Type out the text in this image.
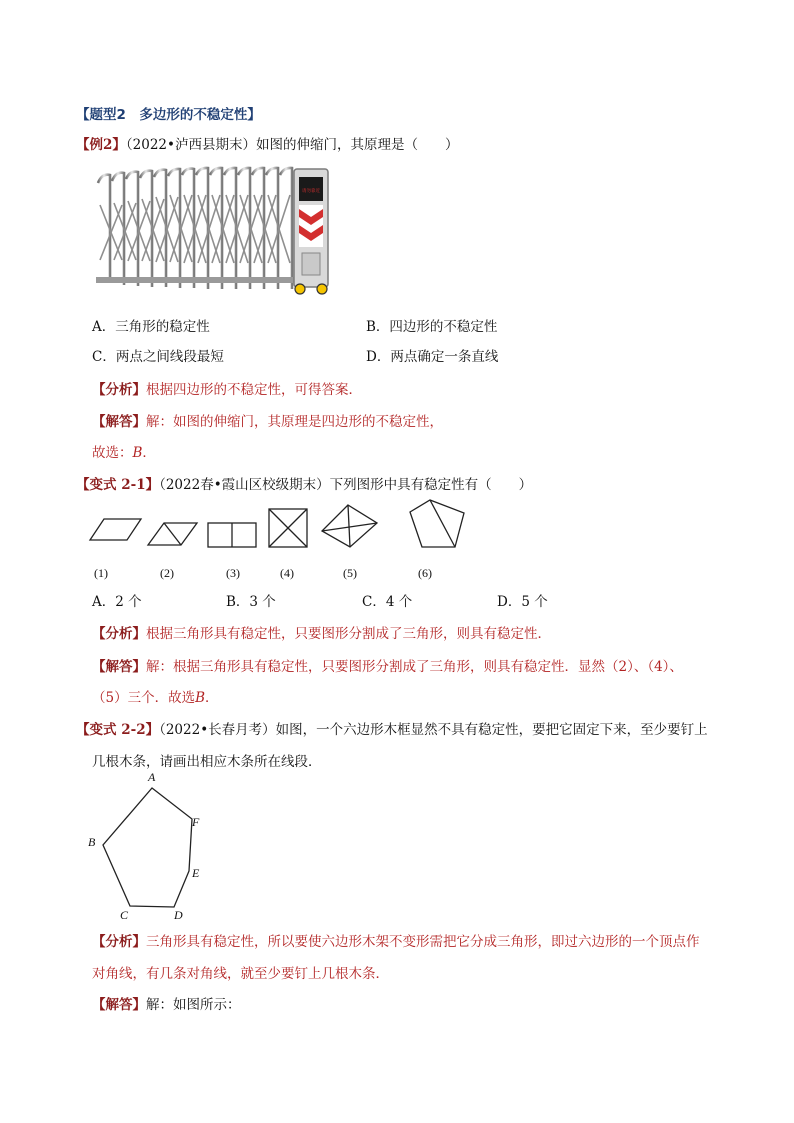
【题型2　多边形的不稳定性】
【例2】（2022•泸西县期末）如图的伸缩门，其原理是（　　）
请勿靠近
A．三角形的稳定性	B．四边形的不稳定性
C．两点之间线段最短	D．两点确定一条直线
【分析】根据四边形的不稳定性，可得答案．
【解答】解：如图的伸缩门，其原理是四边形的不稳定性，
故选：B．
【变式 2-1】（2022春•霞山区校级期末）下列图形中具有稳定性有（　　）
(1)	(2)	(3)	(4)	(5)	(6)
A．2 个	B．3 个	C．4 个	D．5 个
【分析】根据三角形具有稳定性，只要图形分割成了三角形，则具有稳定性．
【解答】解：根据三角形具有稳定性，只要图形分割成了三角形，则具有稳定性．显然（2）、（4）、
（5）三个．故选B．
【变式 2-2】（2022•长春月考）如图，一个六边形木框显然不具有稳定性，要把它固定下来，至少要钉上
几根木条，请画出相应木条所在线段．
A
B
C	D
E
F
【分析】三角形具有稳定性，所以要使六边形木架不变形需把它分成三角形，即过六边形的一个顶点作
对角线，有几条对角线，就至少要钉上几根木条．
【解答】解：如图所示：
